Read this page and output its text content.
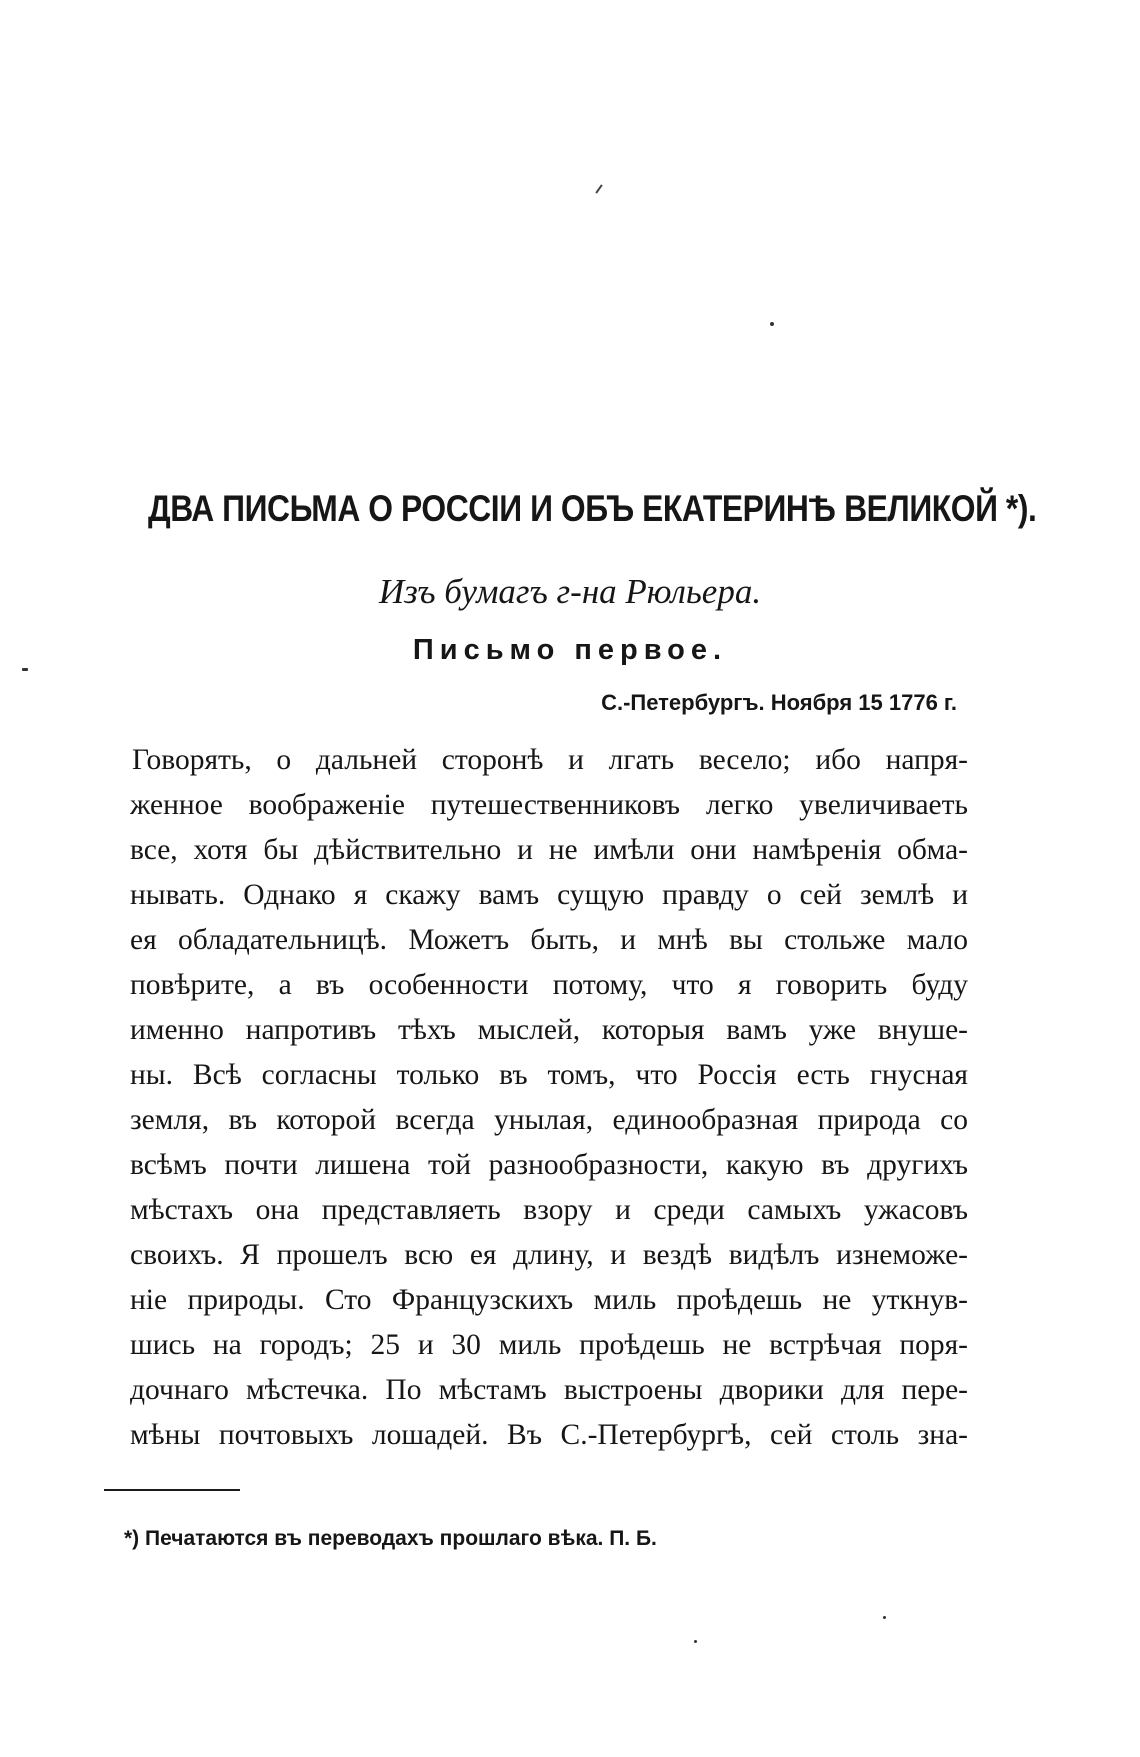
ДВА ПИСЬМА О РОССІИ И ОБЪ ЕКАТЕРИНѢ ВЕЛИКОЙ *).
Изъ бумагъ г-на Рюльера.
Письмо первое.
С.-Петербургъ. Ноября 15 1776 г.
Говорять, о дальней сторонѣ и лгать весело; ибо напря-
женное воображеніе путешественниковъ легко увеличиваеть
все, хотя бы дѣйствительно и не имѣли они намѣренія обма-
нывать. Однако я скажу вамъ сущую правду о сей землѣ и
ея обладательницѣ. Можетъ быть, и мнѣ вы стольже мало
повѣрите, а въ особенности потому, что я говорить буду
именно напротивъ тѣхъ мыслей, которыя вамъ уже внуше-
ны. Всѣ согласны только въ томъ, что Россія есть гнусная
земля, въ которой всегда унылая, единообразная природа со
всѣмъ почти лишена той разнообразности, какую въ другихъ
мѣстахъ она представляеть взору и среди самыхъ ужасовъ
своихъ. Я прошелъ всю ея длину, и вездѣ видѣлъ изнеможе-
ніе природы. Сто Французскихъ миль проѣдешь не уткнув-
шись на городъ; 25 и 30 миль проѣдешь не встрѣчая поря-
дочнаго мѣстечка. По мѣстамъ выстроены дворики для пере-
мѣны почтовыхъ лошадей. Въ С.-Петербургѣ, сей столь зна-
*) Печатаются въ переводахъ прошлаго вѣка. П. Б.
